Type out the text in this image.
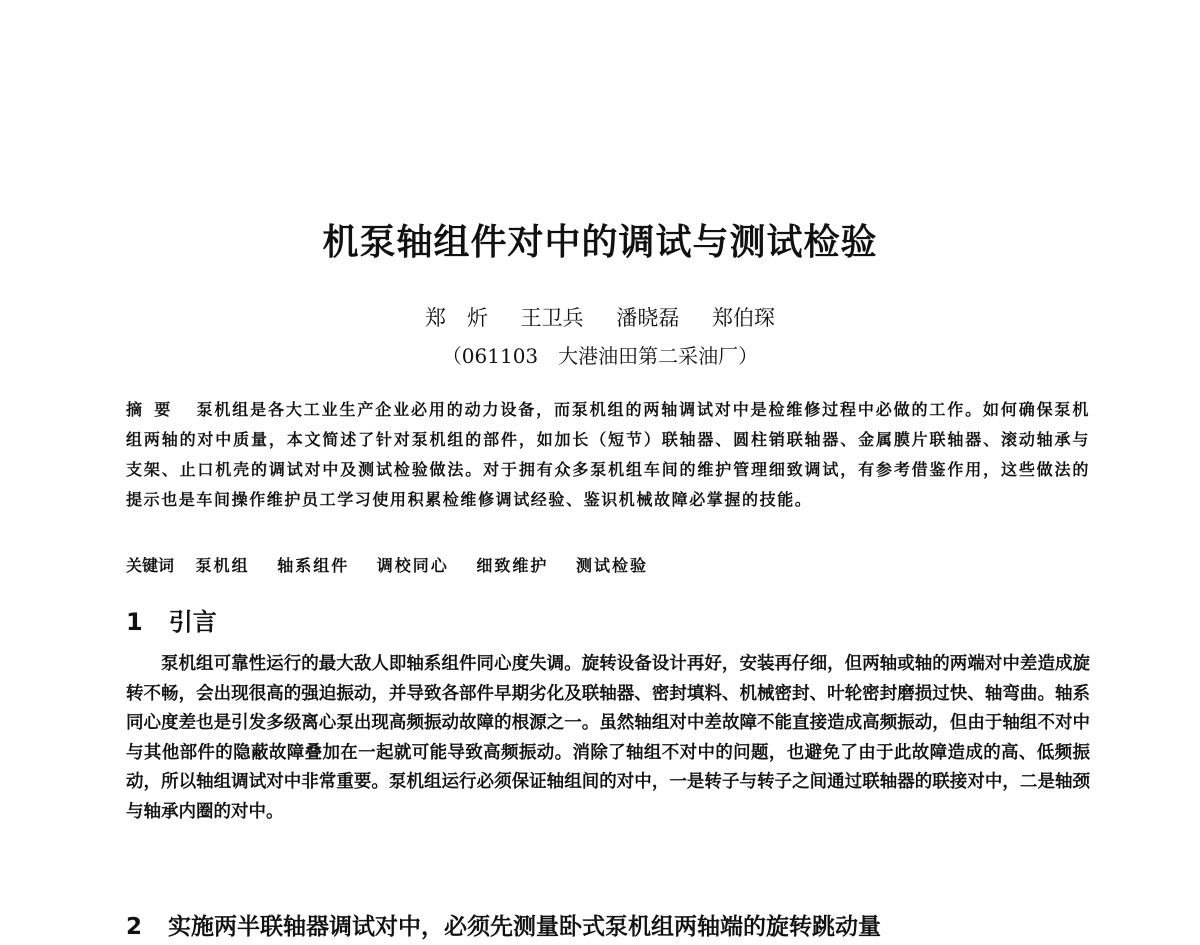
机泵轴组件对中的调试与测试检验
郑　炘 王卫兵 潘晓磊 郑伯琛
（061103　大港油田第二采油厂）
摘要 泵机组是各大工业生产企业必用的动力设备，而泵机组的两轴调试对中是检维修过程中必做的工作。如何确保泵机组两轴的对中质量，本文简述了针对泵机组的部件，如加长（短节）联轴器、圆柱销联轴器、金属膜片联轴器、滚动轴承与支架、止口机壳的调试对中及测试检验做法。对于拥有众多泵机组车间的维护管理细致调试，有参考借鉴作用，这些做法的提示也是车间操作维护员工学习使用积累检维修调试经验、鉴识机械故障必掌握的技能。
关键词 泵机组 轴系组件 调校同心 细致维护 测试检验
1 引言
泵机组可靠性运行的最大敌人即轴系组件同心度失调。旋转设备设计再好，安装再仔细，但两轴或轴的两端对中差造成旋转不畅，会出现很高的强迫振动，并导致各部件早期劣化及联轴器、密封填料、机械密封、叶轮密封磨损过快、轴弯曲。轴系同心度差也是引发多级离心泵出现高频振动故障的根源之一。虽然轴组对中差故障不能直接造成高频振动，但由于轴组不对中与其他部件的隐蔽故障叠加在一起就可能导致高频振动。消除了轴组不对中的问题，也避免了由于此故障造成的高、低频振动，所以轴组调试对中非常重要。泵机组运行必须保证轴组间的对中，一是转子与转子之间通过联轴器的联接对中，二是轴颈与轴承内圈的对中。
2 实施两半联轴器调试对中，必须先测量卧式泵机组两轴端的旋转跳动量
